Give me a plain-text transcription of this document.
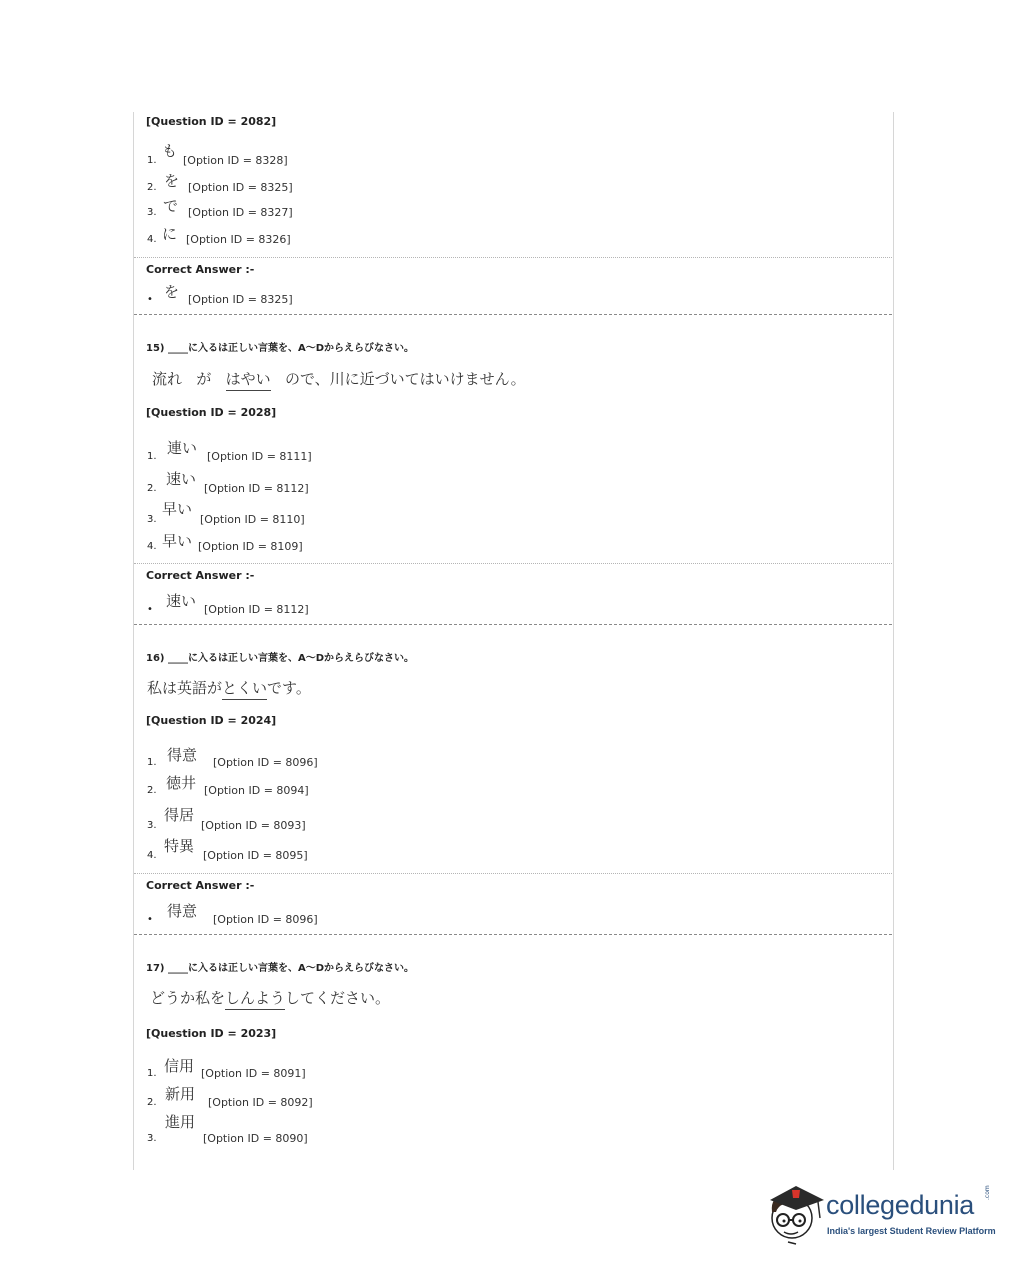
[Question ID = 2082]
1.
も
[Option ID = 8328]
2. を [Option ID = 8325]
3. で [Option ID = 8327]
4. に [Option ID = 8326]
Correct Answer :-
• を [Option ID = 8325]
15) ____に入るは正しい言葉を、A〜Dからえらびなさい。
流れ が はやい ので、川に近づいてはいけません。
[Question ID = 2028]
1. 連い [Option ID = 8111]
2.
速い
[Option ID = 8112]
3.
早い
[Option ID = 8110]
4. 早い [Option ID = 8109]
Correct Answer :-
• 速い [Option ID = 8112]
16) ____に入るは正しい言葉を、A〜Dからえらびなさい。
私は英語がとくいです。
[Question ID = 2024]
1. 得意 [Option ID = 8096]
2. 徳井 [Option ID = 8094]
3.
得居
[Option ID = 8093]
4.
特異
[Option ID = 8095]
Correct Answer :-
• 得意 [Option ID = 8096]
17) ____に入るは正しい言葉を、A〜Dからえらびなさい。
どうか私をしんようしてください。
[Question ID = 2023]
1. 信用 [Option ID = 8091]
2. 新用 [Option ID = 8092]
3.
進用
[Option ID = 8090]
collegedunia .com
India's largest Student Review Platform
